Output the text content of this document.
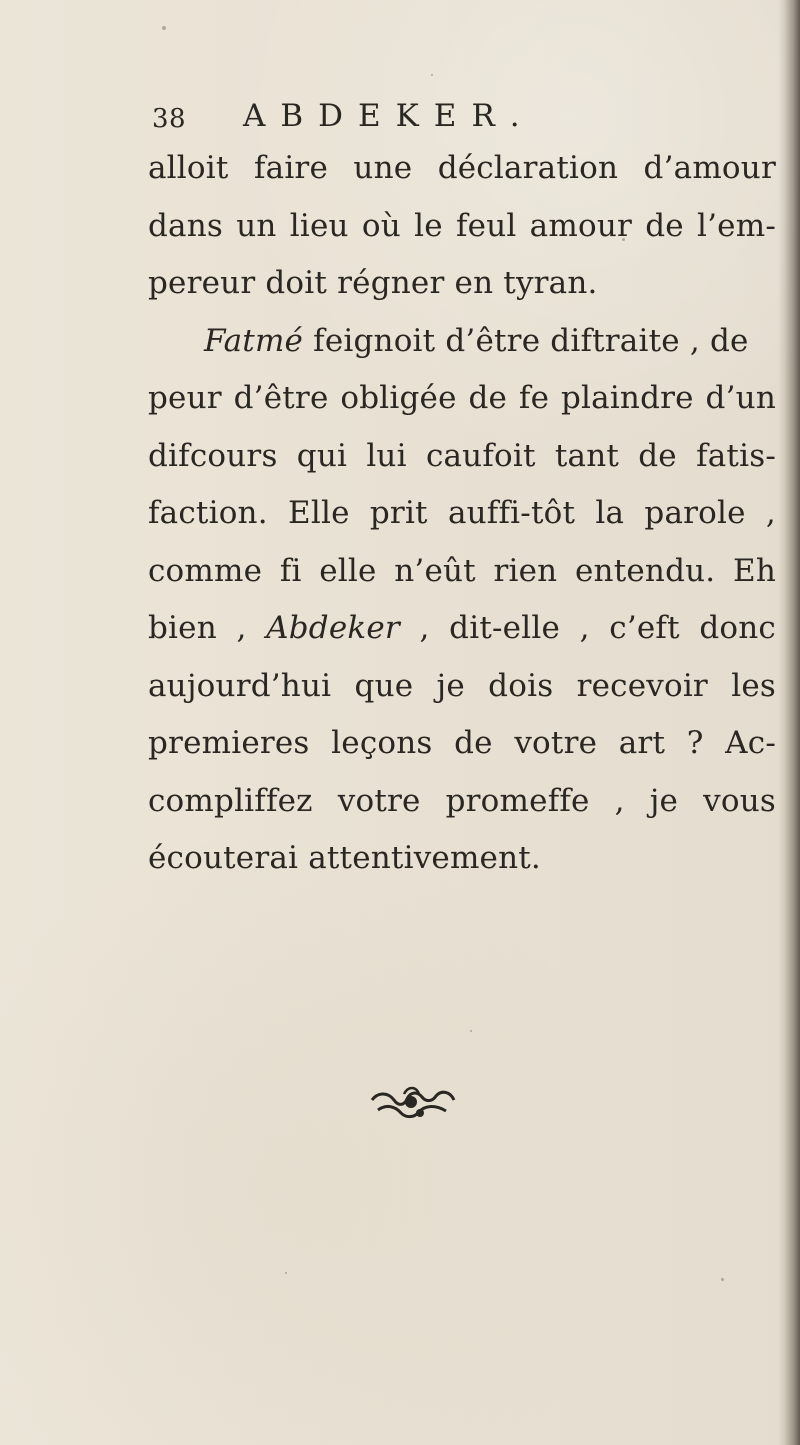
38 ABDEKER.
alloit faire une déclaration d’amour
dans un lieu où le feul amour de l’em-
pereur doit régner en tyran.
Fatmé feignoit d’être diftraite , de
peur d’être obligée de fe plaindre d’un
difcours qui lui caufoit tant de fatis-
faction. Elle prit auffi-tôt la parole ,
comme fi elle n’eût rien entendu. Eh
bien , Abdeker , dit-elle , c’eft donc
aujourd’hui que je dois recevoir les
premieres leçons de votre art ? Ac-
compliffez votre promeffe , je vous
écouterai attentivement.
